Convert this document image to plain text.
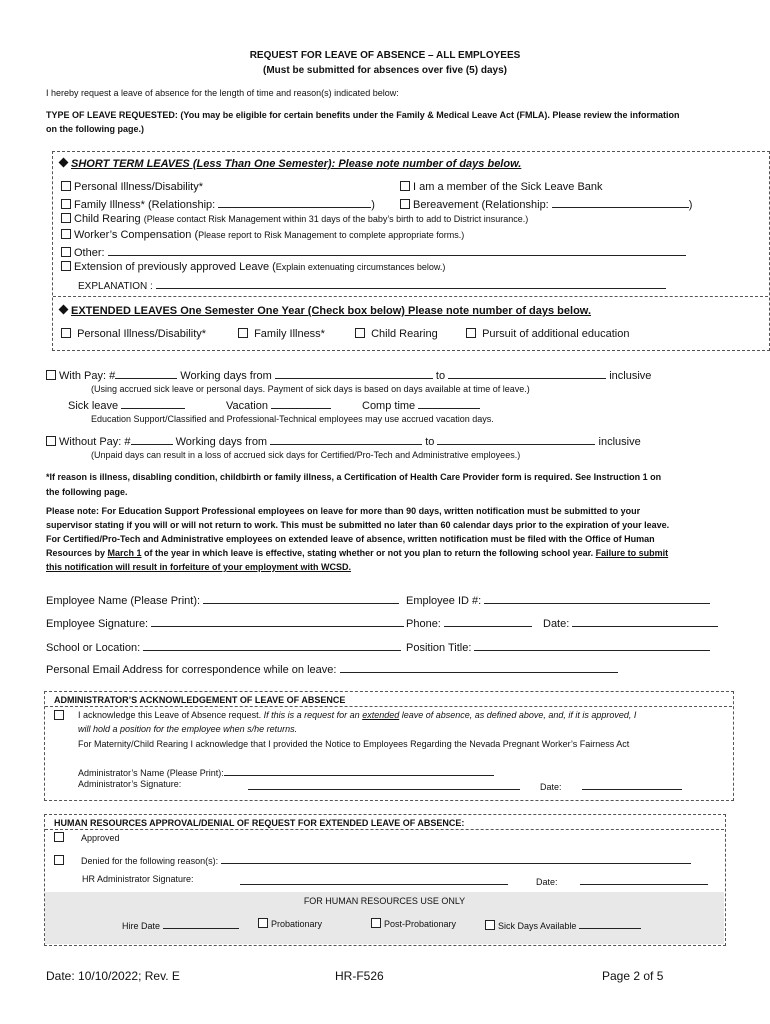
REQUEST FOR LEAVE OF ABSENCE – ALL EMPLOYEES
(Must be submitted for absences over five (5) days)
I hereby request a leave of absence for the length of time and reason(s) indicated below:
TYPE OF LEAVE REQUESTED: (You may be eligible for certain benefits under the Family & Medical Leave Act (FMLA). Please review the information
on the following page.)
SHORT TERM LEAVES (Less Than One Semester): Please note number of days below.
Personal Illness/Disability*	I am a member of the Sick Leave Bank
Family Illness* (Relationship:	)	Bereavement (Relationship:	)
Child Rearing (Please contact Risk Management within 31 days of the baby’s birth to add to District insurance.)
Worker’s Compensation (Please report to Risk Management to complete appropriate forms.)
Other:
Extension of previously approved Leave (Explain extenuating circumstances below.)
EXPLANATION :
EXTENDED LEAVES One Semester One Year (Check box below) Please note number of days below.
Personal Illness/Disability*	Family Illness*	Child Rearing	Pursuit of additional education
With Pay: #	Working days from	to	inclusive
(Using accrued sick leave or personal days. Payment of sick days is based on days available at time of leave.)
Sick leave	Vacation	Comp time
Education Support/Classified and Professional-Technical employees may use accrued vacation days.
Without Pay: #	Working days from	to	inclusive
(Unpaid days can result in a loss of accrued sick days for Certified/Pro-Tech and Administrative employees.)
*If reason is illness, disabling condition, childbirth or family illness, a Certification of Health Care Provider form is required. See Instruction 1 on
the following page.
Please note: For Education Support Professional employees on leave for more than 90 days, written notification must be submitted to your
supervisor stating if you will or will not return to work. This must be submitted no later than 60 calendar days prior to the expiration of your leave.
For Certified/Pro-Tech and Administrative employees on extended leave of absence, written notification must be filed with the Office of Human
Resources by March 1 of the year in which leave is effective, stating whether or not you plan to return the following school year. Failure to submit
this notification will result in forfeiture of your employment with WCSD.
Employee Name (Please Print):	Employee ID #:
Employee Signature:	Phone:	Date:
School or Location:	Position Title:
Personal Email Address for correspondence while on leave:
ADMINISTRATOR’S ACKNOWLEDGEMENT OF LEAVE OF ABSENCE
I acknowledge this Leave of Absence request. If this is a request for an extended leave of absence, as defined above, and, if it is approved, I
will hold a position for the employee when s/he returns.
For Maternity/Child Rearing I acknowledge that I provided the Notice to Employees Regarding the Nevada Pregnant Worker’s Fairness Act
Administrator’s Name (Please Print):
Administrator’s Signature:	Date:
HUMAN RESOURCES APPROVAL/DENIAL OF REQUEST FOR EXTENDED LEAVE OF ABSENCE:
Approved
Denied for the following reason(s):
HR Administrator Signature:	Date:
FOR HUMAN RESOURCES USE ONLY
Hire Date	Probationary	Post-Probationary	Sick Days Available
Date: 10/10/2022; Rev. E	HR-F526	Page 2 of 5
